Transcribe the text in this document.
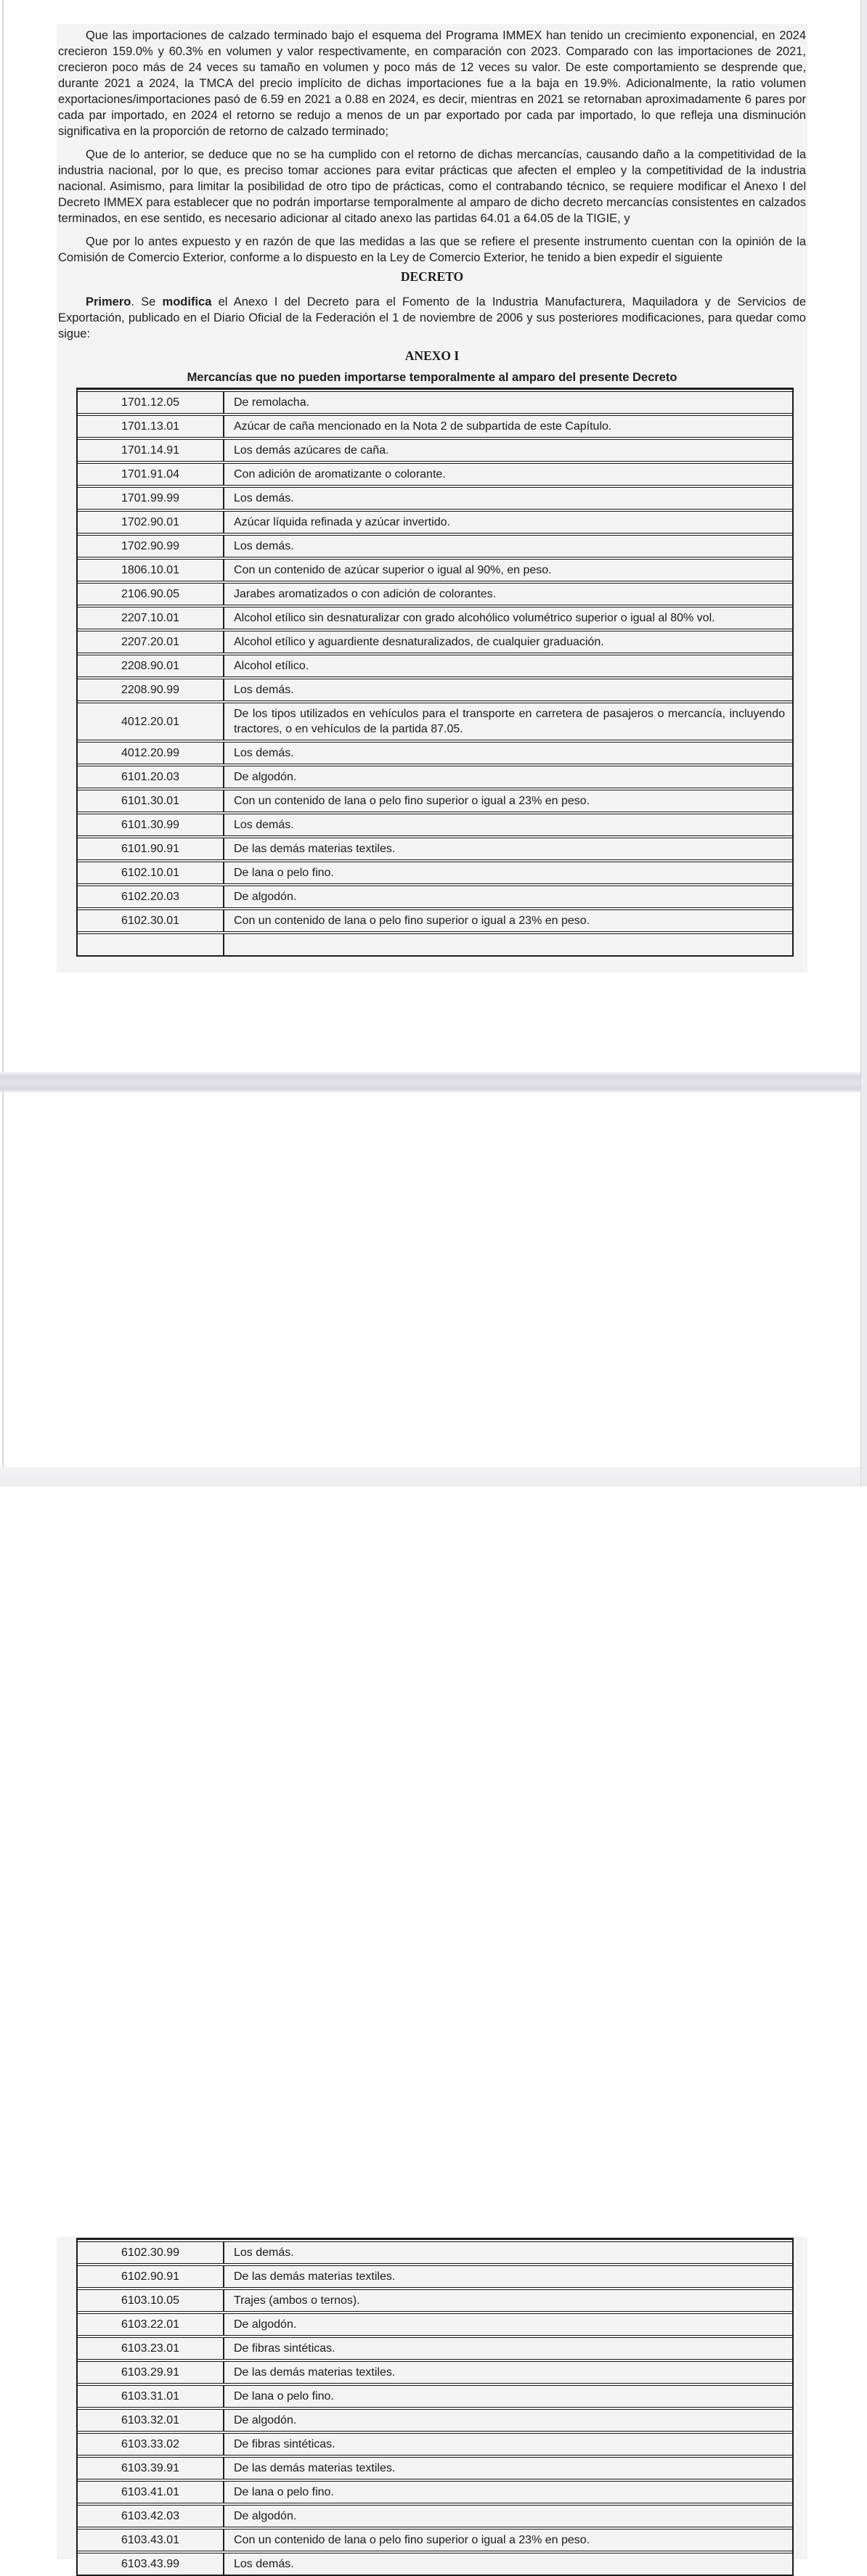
Que las importaciones de calzado terminado bajo el esquema del Programa IMMEX han tenido un crecimiento exponencial, en 2024 crecieron 159.0% y 60.3% en volumen y valor respectivamente, en comparación con 2023. Comparado con las importaciones de 2021, crecieron poco más de 24 veces su tamaño en volumen y poco más de 12 veces su valor. De este comportamiento se desprende que, durante 2021 a 2024, la TMCA del precio implícito de dichas importaciones fue a la baja en 19.9%. Adicionalmente, la ratio volumen exportaciones/importaciones pasó de 6.59 en 2021 a 0.88 en 2024, es decir, mientras en 2021 se retornaban aproximadamente 6 pares por cada par importado, en 2024 el retorno se redujo a menos de un par exportado por cada par importado, lo que refleja una disminución significativa en la proporción de retorno de calzado terminado;

Que de lo anterior, se deduce que no se ha cumplido con el retorno de dichas mercancías, causando daño a la competitividad de la industria nacional, por lo que, es preciso tomar acciones para evitar prácticas que afecten el empleo y la competitividad de la industria nacional. Asimismo, para limitar la posibilidad de otro tipo de prácticas, como el contrabando técnico, se requiere modificar el Anexo I del Decreto IMMEX para establecer que no podrán importarse temporalmente al amparo de dicho decreto mercancías consistentes en calzados terminados, en ese sentido, es necesario adicionar al citado anexo las partidas 64.01 a 64.05 de la TIGIE, y

Que por lo antes expuesto y en razón de que las medidas a las que se refiere el presente instrumento cuentan con la opinión de la Comisión de Comercio Exterior, conforme a lo dispuesto en la Ley de Comercio Exterior, he tenido a bien expedir el siguiente

DECRETO

Primero. Se modifica el Anexo I del Decreto para el Fomento de la Industria Manufacturera, Maquiladora y de Servicios de Exportación, publicado en el Diario Oficial de la Federación el 1 de noviembre de 2006 y sus posteriores modificaciones, para quedar como sigue:

ANEXO I

Mercancías que no pueden importarse temporalmente al amparo del presente Decreto

1701.12.05	De remolacha.
1701.13.01	Azúcar de caña mencionado en la Nota 2 de subpartida de este Capítulo.
1701.14.91	Los demás azúcares de caña.
1701.91.04	Con adición de aromatizante o colorante.
1701.99.99	Los demás.
1702.90.01	Azúcar líquida refinada y azúcar invertido.
1702.90.99	Los demás.
1806.10.01	Con un contenido de azúcar superior o igual al 90%, en peso.
2106.90.05	Jarabes aromatizados o con adición de colorantes.
2207.10.01	Alcohol etílico sin desnaturalizar con grado alcohólico volumétrico superior o igual al 80% vol.
2207.20.01	Alcohol etílico y aguardiente desnaturalizados, de cualquier graduación.
2208.90.01	Alcohol etílico.
2208.90.99	Los demás.
4012.20.01
De los tipos utilizados en vehículos para el transporte en carretera de pasajeros o mercancía, incluyendo tractores, o en vehículos de la partida 87.05.
4012.20.99	Los demás.
6101.20.03	De algodón.
6101.30.01	Con un contenido de lana o pelo fino superior o igual a 23% en peso.
6101.30.99	Los demás.
6101.90.91	De las demás materias textiles.
6102.10.01	De lana o pelo fino.
6102.20.03	De algodón.
6102.30.01	Con un contenido de lana o pelo fino superior o igual a 23% en peso.
6102.30.99	Los demás.
6102.90.91	De las demás materias textiles.
6103.10.05	Trajes (ambos o ternos).
6103.22.01	De algodón.
6103.23.01	De fibras sintéticas.
6103.29.91	De las demás materias textiles.
6103.31.01	De lana o pelo fino.
6103.32.01	De algodón.
6103.33.02	De fibras sintéticas.
6103.39.91	De las demás materias textiles.
6103.41.01	De lana o pelo fino.
6103.42.03	De algodón.
6103.43.01	Con un contenido de lana o pelo fino superior o igual a 23% en peso.
6103.43.99	Los demás.
